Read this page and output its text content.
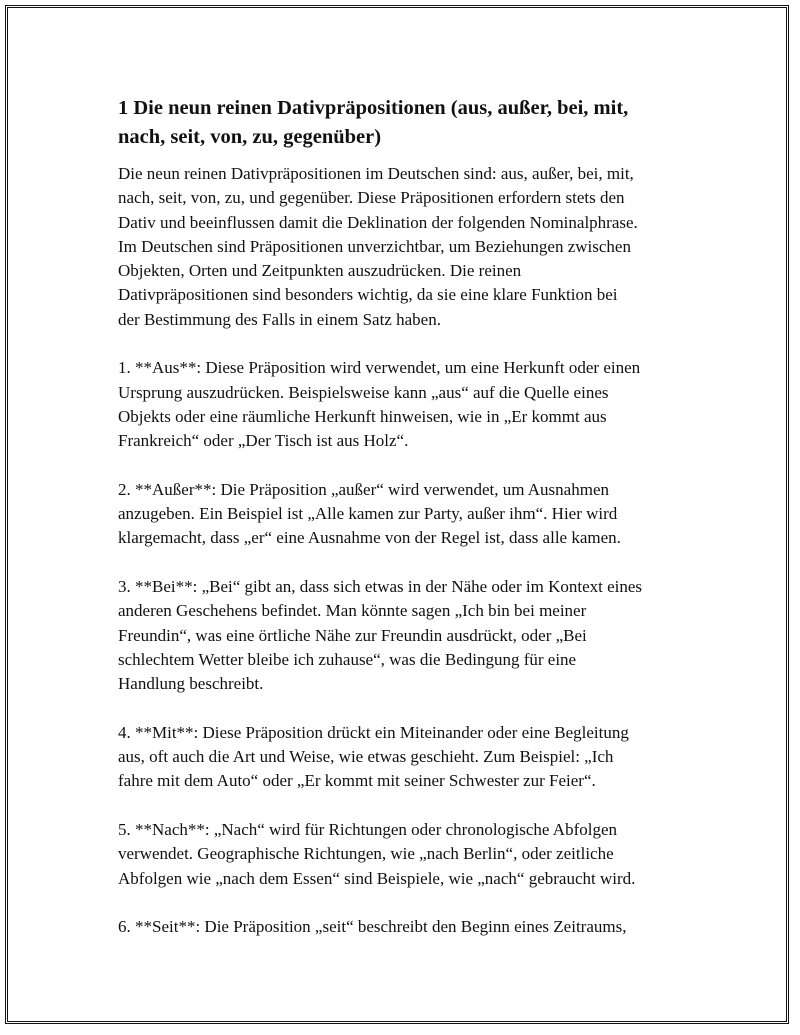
1 Die neun reinen Dativpräpositionen (aus, außer, bei, mit,
nach, seit, von, zu, gegenüber)

Die neun reinen Dativpräpositionen im Deutschen sind: aus, außer, bei, mit,
nach, seit, von, zu, und gegenüber. Diese Präpositionen erfordern stets den
Dativ und beeinflussen damit die Deklination der folgenden Nominalphrase.
Im Deutschen sind Präpositionen unverzichtbar, um Beziehungen zwischen
Objekten, Orten und Zeitpunkten auszudrücken. Die reinen
Dativpräpositionen sind besonders wichtig, da sie eine klare Funktion bei
der Bestimmung des Falls in einem Satz haben.

1. **Aus**: Diese Präposition wird verwendet, um eine Herkunft oder einen
Ursprung auszudrücken. Beispielsweise kann „aus“ auf die Quelle eines
Objekts oder eine räumliche Herkunft hinweisen, wie in „Er kommt aus
Frankreich“ oder „Der Tisch ist aus Holz“.

2. **Außer**: Die Präposition „außer“ wird verwendet, um Ausnahmen
anzugeben. Ein Beispiel ist „Alle kamen zur Party, außer ihm“. Hier wird
klargemacht, dass „er“ eine Ausnahme von der Regel ist, dass alle kamen.

3. **Bei**: „Bei“ gibt an, dass sich etwas in der Nähe oder im Kontext eines
anderen Geschehens befindet. Man könnte sagen „Ich bin bei meiner
Freundin“, was eine örtliche Nähe zur Freundin ausdrückt, oder „Bei
schlechtem Wetter bleibe ich zuhause“, was die Bedingung für eine
Handlung beschreibt.

4. **Mit**: Diese Präposition drückt ein Miteinander oder eine Begleitung
aus, oft auch die Art und Weise, wie etwas geschieht. Zum Beispiel: „Ich
fahre mit dem Auto“ oder „Er kommt mit seiner Schwester zur Feier“.

5. **Nach**: „Nach“ wird für Richtungen oder chronologische Abfolgen
verwendet. Geographische Richtungen, wie „nach Berlin“, oder zeitliche
Abfolgen wie „nach dem Essen“ sind Beispiele, wie „nach“ gebraucht wird.

6. **Seit**: Die Präposition „seit“ beschreibt den Beginn eines Zeitraums,
